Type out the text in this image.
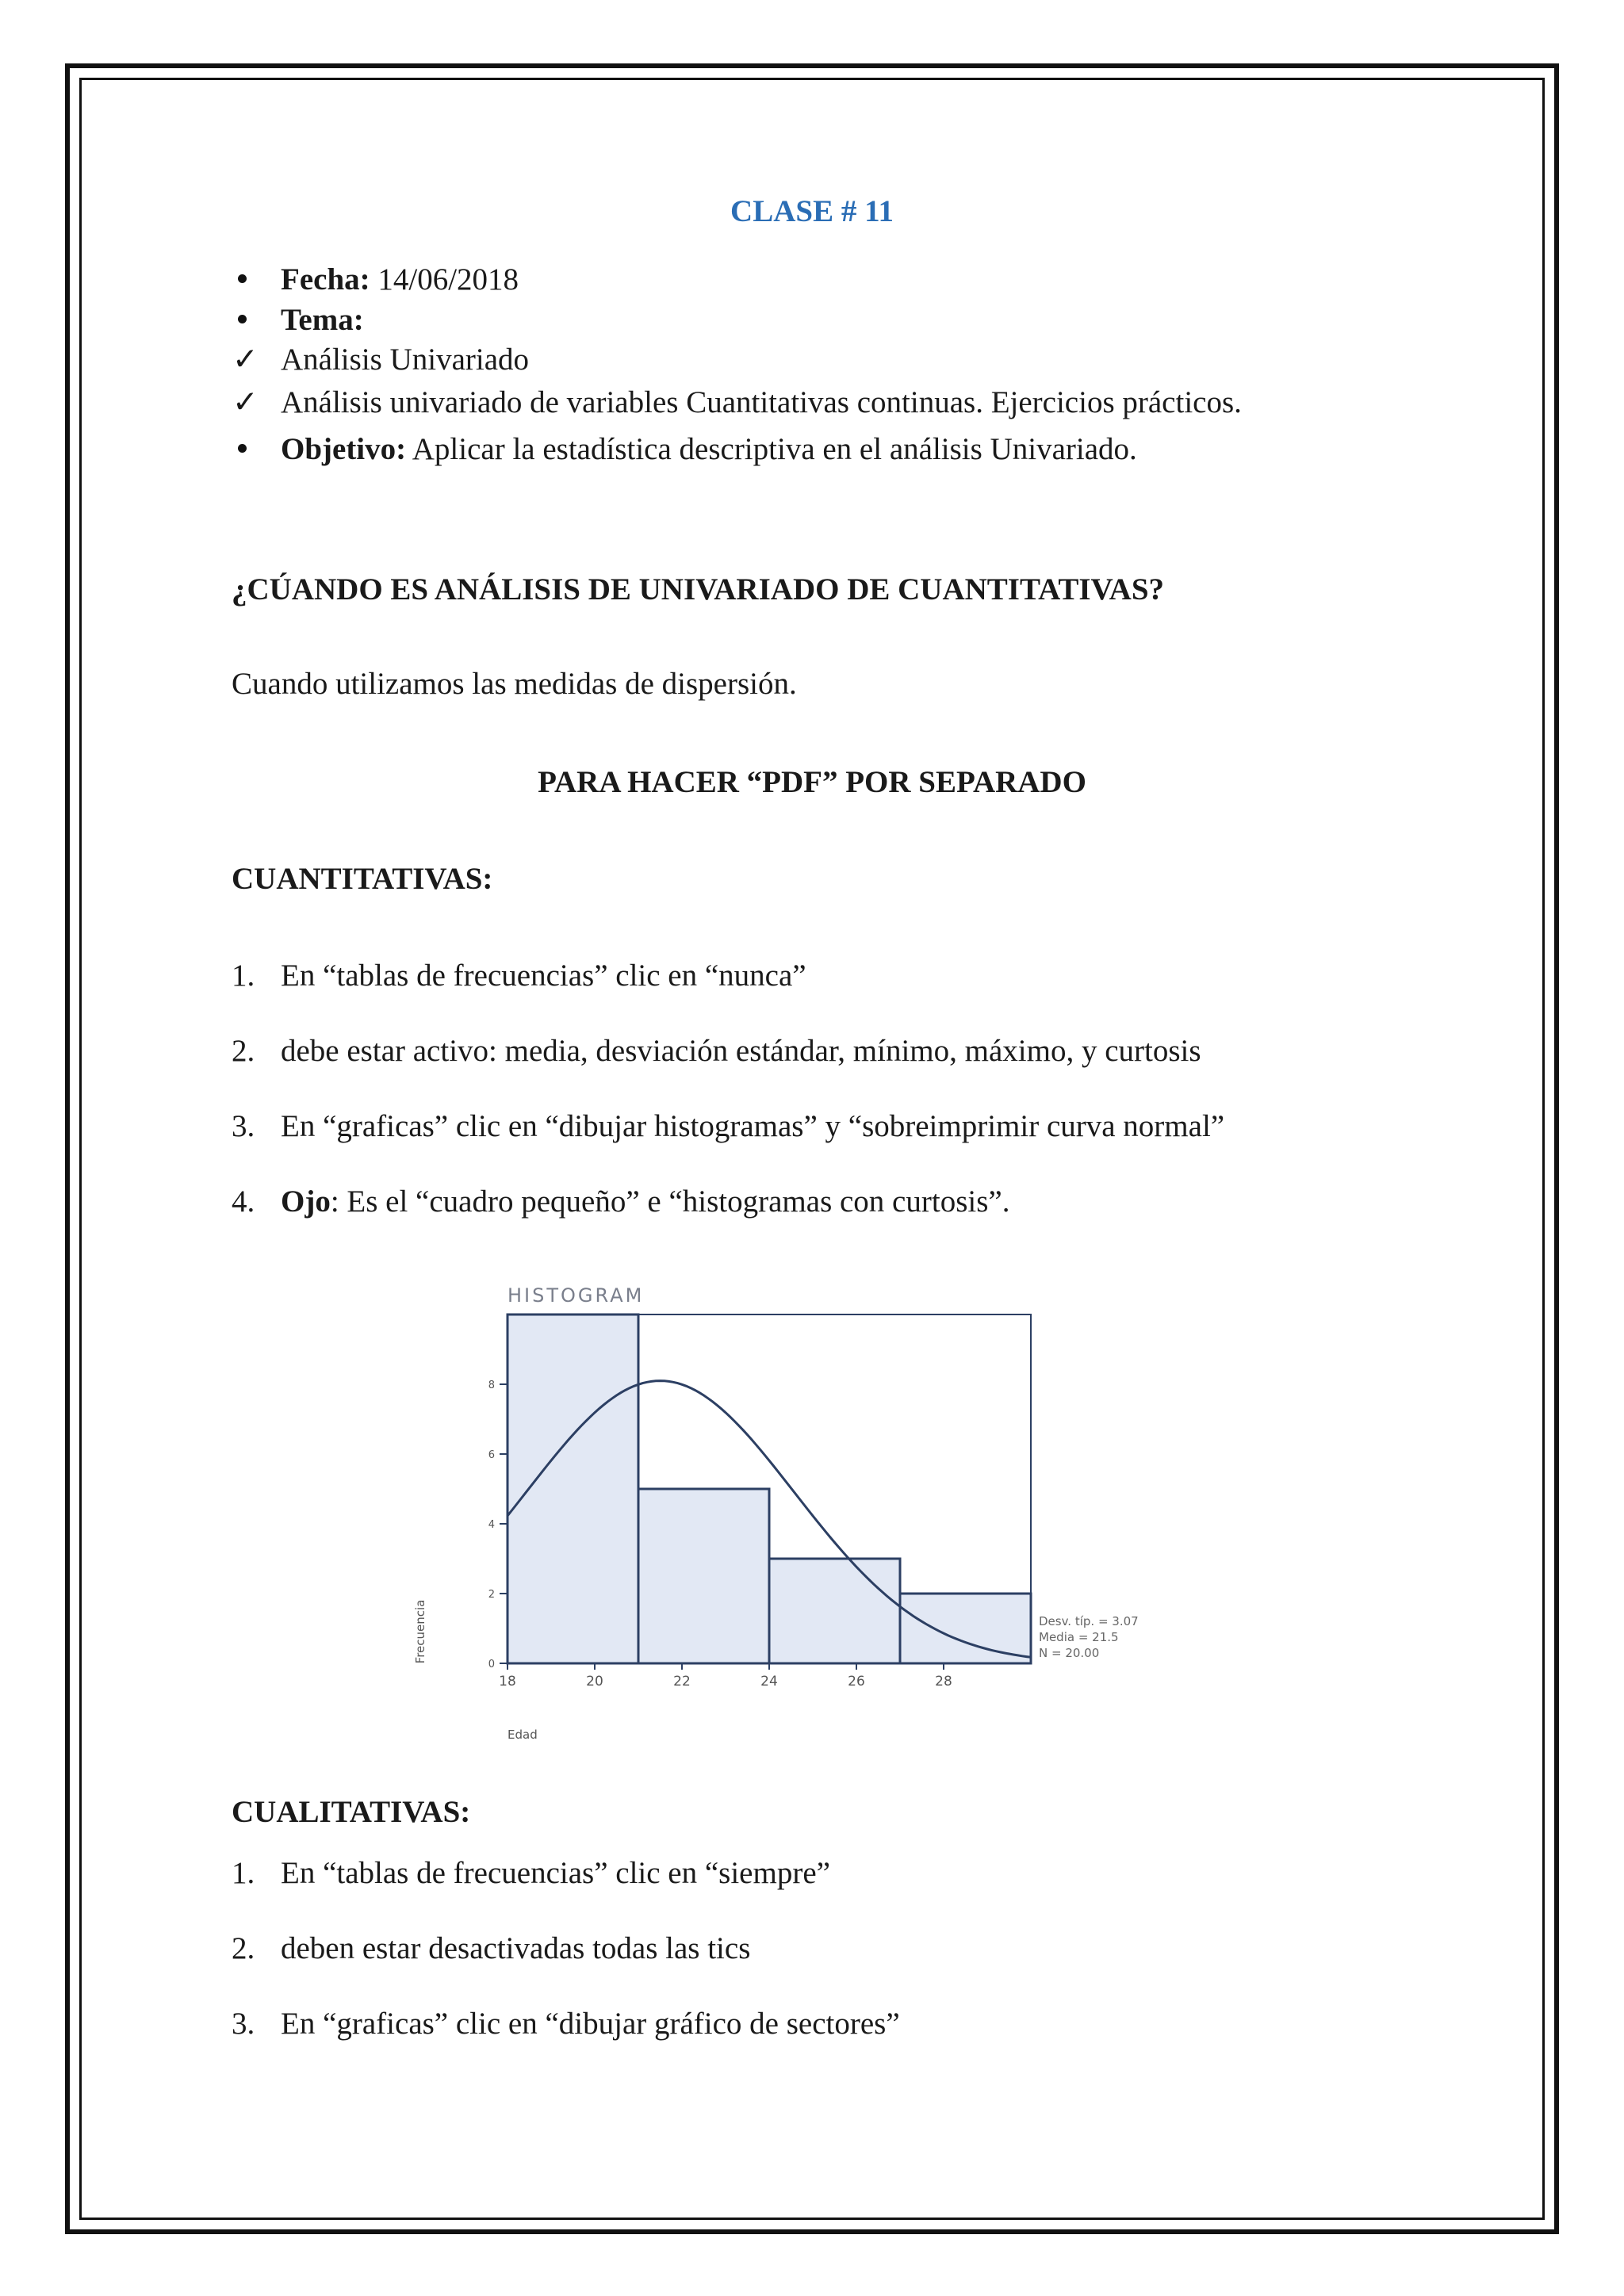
CLASE # 11
Fecha: 14/06/2018
Tema:
✓ Análisis Univariado
✓ Análisis univariado de variables Cuantitativas continuas. Ejercicios prácticos.
Objetivo: Aplicar la estadística descriptiva en el análisis Univariado.
¿CÚANDO ES ANÁLISIS DE UNIVARIADO DE CUANTITATIVAS?
Cuando utilizamos las medidas de dispersión.
PARA HACER “PDF” POR SEPARADO
CUANTITATIVAS:
1. En “tablas de frecuencias” clic en “nunca”
2. debe estar activo: media, desviación estándar, mínimo, máximo, y curtosis
3. En “graficas” clic en “dibujar histogramas” y “sobreimprimir curva normal”
4. Ojo: Es el “cuadro pequeño” e “histogramas con curtosis”.
HISTOGRAM
0
2
4
6
8
18	20	22	24	26	28
Edad
Frecuencia	Desv. típ. = 3.07
Media = 21.5
N = 20.00
CUALITATIVAS:
1. En “tablas de frecuencias” clic en “siempre”
2. deben estar desactivadas todas las tics
3. En “graficas” clic en “dibujar gráfico de sectores”
